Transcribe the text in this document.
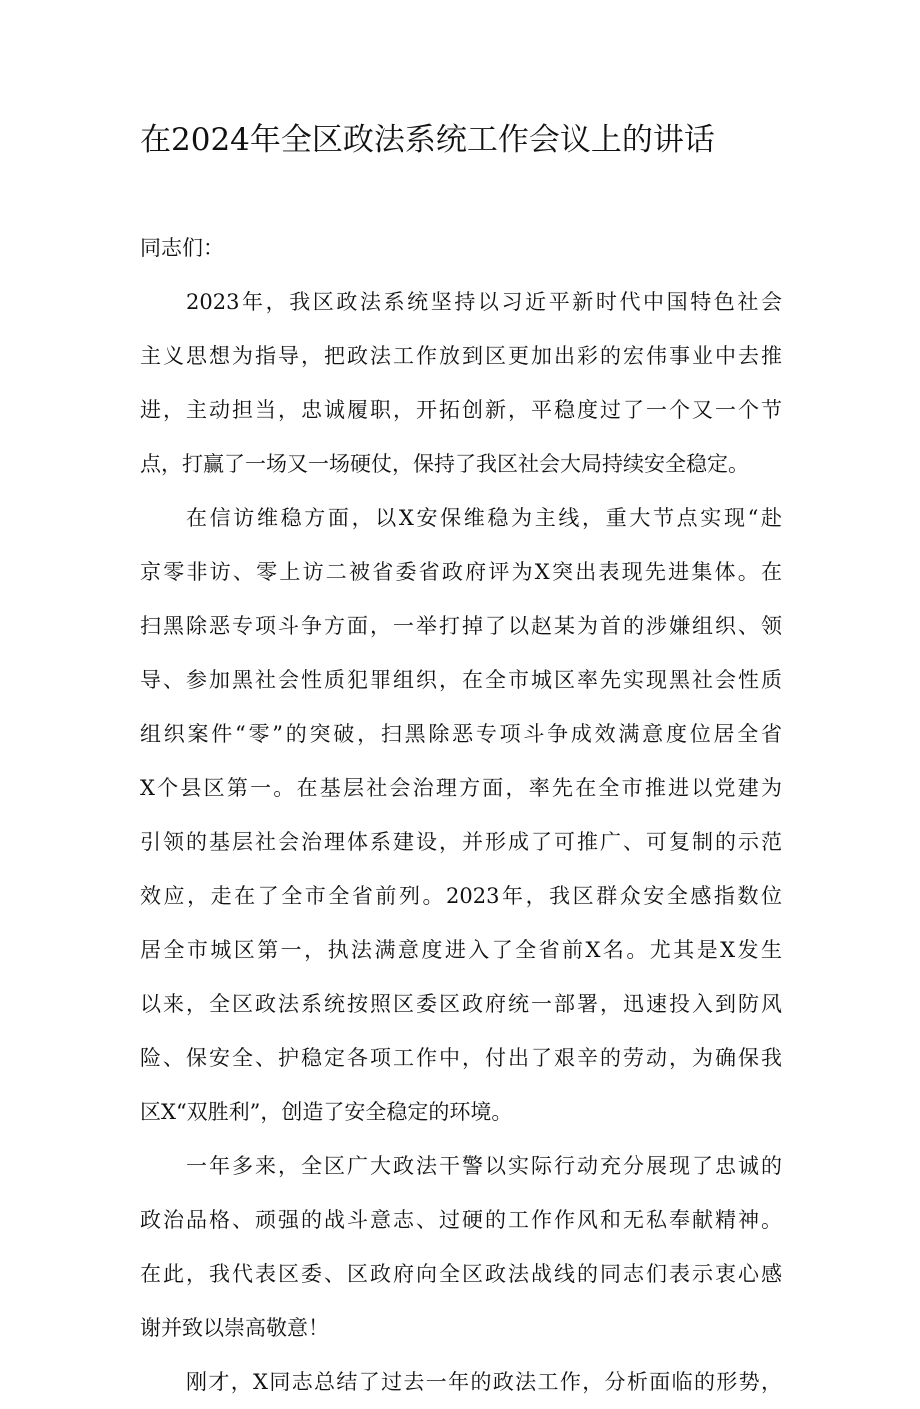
在2024年全区政法系统工作会议上的讲话

同志们：

2023年，我区政法系统坚持以习近平新时代中国特色社会
主义思想为指导，把政法工作放到区更加出彩的宏伟事业中去推
进，主动担当，忠诚履职，开拓创新，平稳度过了一个又一个节
点，打赢了一场又一场硬仗，保持了我区社会大局持续安全稳定。

在信访维稳方面，以X安保维稳为主线，重大节点实现“赴
京零非访、零上访二被省委省政府评为X突出表现先进集体。在
扫黑除恶专项斗争方面，一举打掉了以赵某为首的涉嫌组织、领
导、参加黑社会性质犯罪组织，在全市城区率先实现黑社会性质
组织案件“零”的突破，扫黑除恶专项斗争成效满意度位居全省
X个县区第一。在基层社会治理方面，率先在全市推进以党建为
引领的基层社会治理体系建设，并形成了可推广、可复制的示范
效应，走在了全市全省前列。2023年，我区群众安全感指数位
居全市城区第一，执法满意度进入了全省前X名。尤其是X发生
以来，全区政法系统按照区委区政府统一部署，迅速投入到防风
险、保安全、护稳定各项工作中，付出了艰辛的劳动，为确保我
区X“双胜利”，创造了安全稳定的环境。

一年多来，全区广大政法干警以实际行动充分展现了忠诚的
政治品格、顽强的战斗意志、过硬的工作作风和无私奉献精神。
在此，我代表区委、区政府向全区政法战线的同志们表示衷心感
谢并致以崇高敬意！

刚才，X同志总结了过去一年的政法工作，分析面临的形势，
